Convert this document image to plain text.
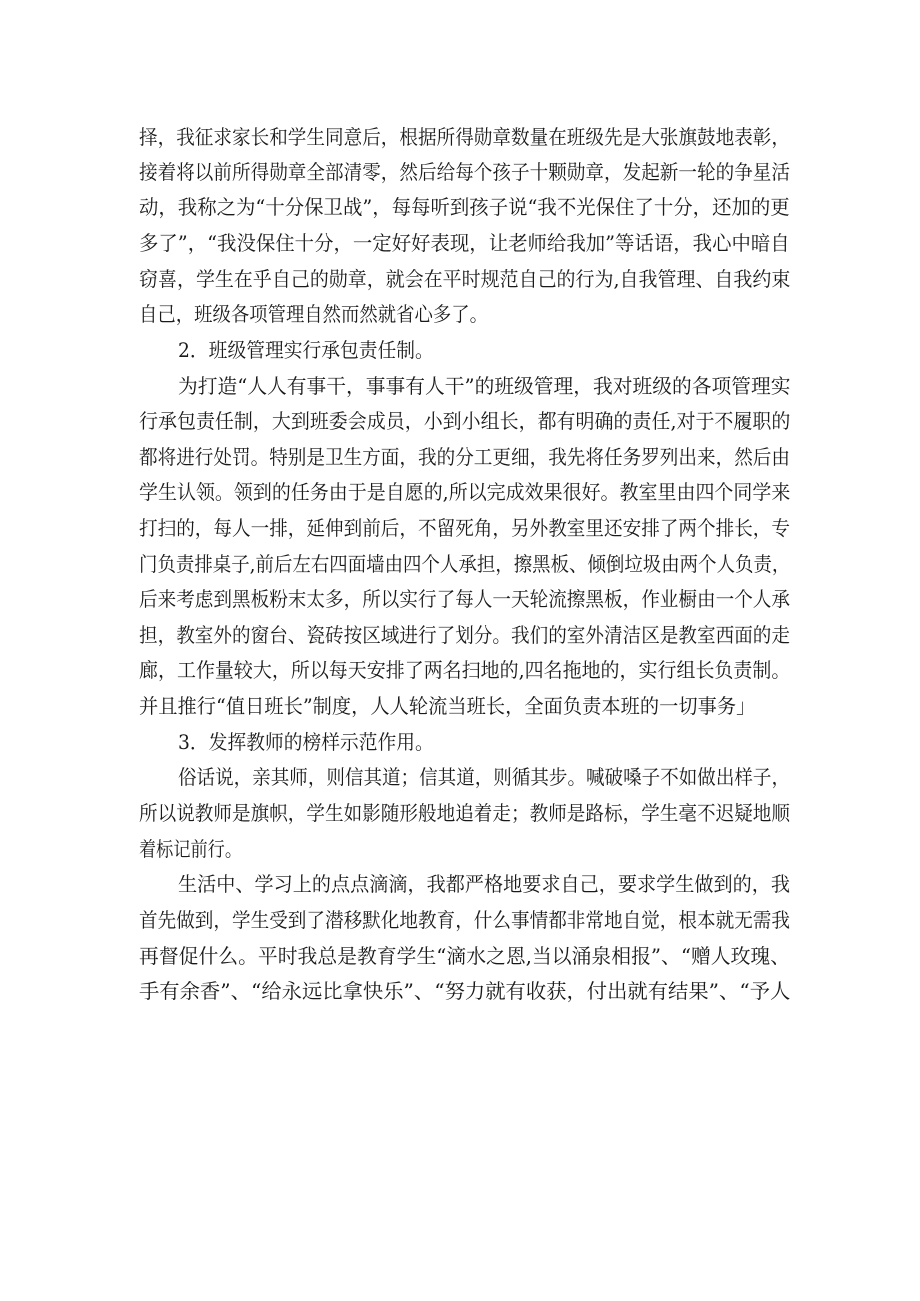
择，我征求家长和学生同意后，根据所得勋章数量在班级先是大张旗鼓地表彰，
接着将以前所得勋章全部清零，然后给每个孩子十颗勋章，发起新一轮的争星活
动，我称之为“十分保卫战”，每每听到孩子说“我不光保住了十分，还加的更
多了”，“我没保住十分，一定好好表现，让老师给我加”等话语，我心中暗自
窃喜，学生在乎自己的勋章，就会在平时规范自己的行为,自我管理、自我约束
自己，班级各项管理自然而然就省心多了。
2．班级管理实行承包责任制。
为打造“人人有事干，事事有人干”的班级管理，我对班级的各项管理实
行承包责任制，大到班委会成员，小到小组长，都有明确的责任,对于不履职的
都将进行处罚。特别是卫生方面，我的分工更细，我先将任务罗列出来，然后由
学生认领。领到的任务由于是自愿的,所以完成效果很好。教室里由四个同学来
打扫的，每人一排，延伸到前后，不留死角，另外教室里还安排了两个排长，专
门负责排桌子,前后左右四面墙由四个人承担，擦黑板、倾倒垃圾由两个人负责，
后来考虑到黑板粉末太多，所以实行了每人一天轮流擦黑板，作业橱由一个人承
担，教室外的窗台、瓷砖按区域进行了划分。我们的室外清洁区是教室西面的走
廊，工作量较大，所以每天安排了两名扫地的,四名拖地的，实行组长负责制。
并且推行“值日班长”制度，人人轮流当班长，全面负责本班的一切事务」
3．发挥教师的榜样示范作用。
俗话说，亲其师，则信其道；信其道，则循其步。喊破嗓子不如做出样子，
所以说教师是旗帜，学生如影随形般地追着走；教师是路标，学生毫不迟疑地顺
着标记前行。
生活中、学习上的点点滴滴，我都严格地要求自己，要求学生做到的，我
首先做到，学生受到了潜移默化地教育，什么事情都非常地自觉，根本就无需我
再督促什么。平时我总是教育学生“滴水之恩,当以涌泉相报”、“赠人玫瑰、
手有余香”、“给永远比拿快乐”、“努力就有收获，付出就有结果”、“予人
